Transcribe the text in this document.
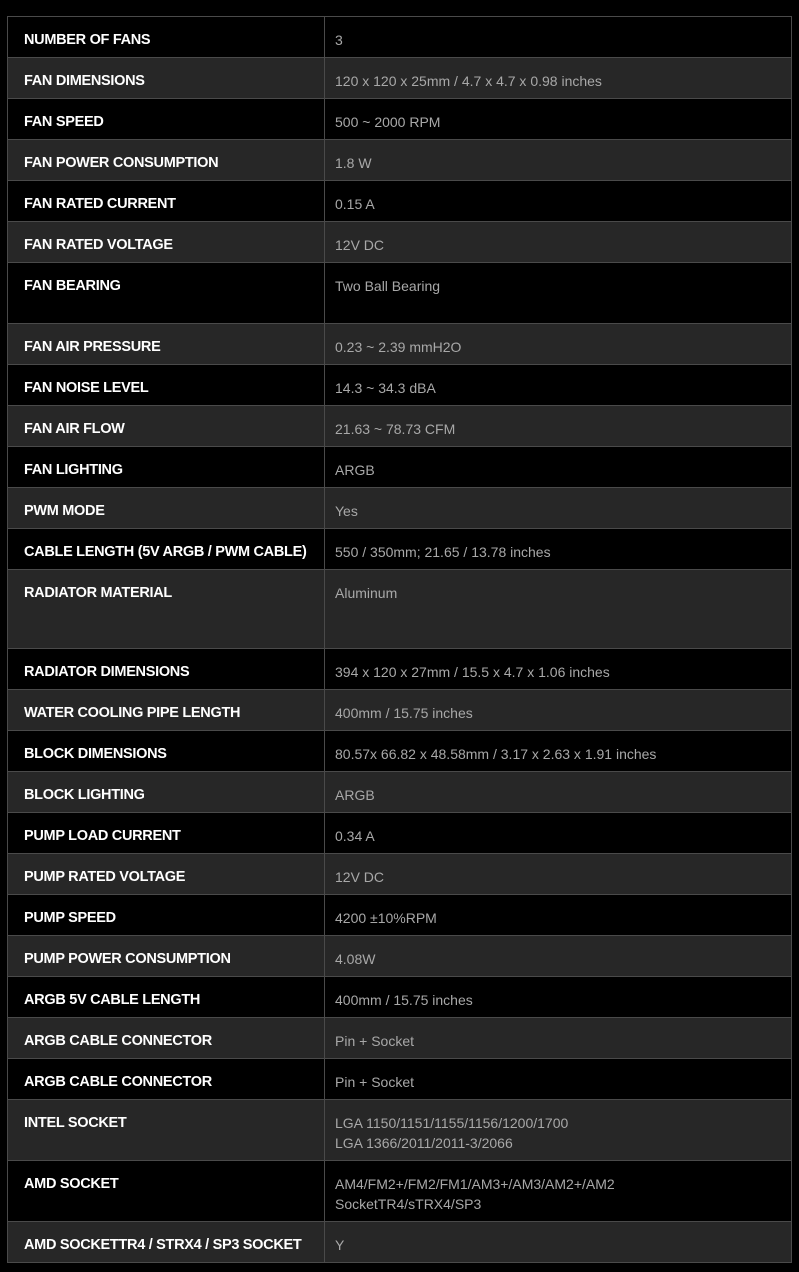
NUMBER OF FANS	3
FAN DIMENSIONS	120 x 120 x 25mm / 4.7 x 4.7 x 0.98 inches
FAN SPEED	500 ~ 2000 RPM
FAN POWER CONSUMPTION	1.8 W
FAN RATED CURRENT	0.15 A
FAN RATED VOLTAGE	12V DC
FAN BEARING	Two Ball Bearing
FAN AIR PRESSURE	0.23 ~ 2.39 mmH2O
FAN NOISE LEVEL	14.3 ~ 34.3 dBA
FAN AIR FLOW	21.63 ~ 78.73 CFM
FAN LIGHTING	ARGB
PWM MODE	Yes
CABLE LENGTH (5V ARGB / PWM CABLE)	550 / 350mm; 21.65 / 13.78 inches
RADIATOR MATERIAL	Aluminum
RADIATOR DIMENSIONS	394 x 120 x 27mm / 15.5 x 4.7 x 1.06 inches
WATER COOLING PIPE LENGTH	400mm / 15.75 inches
BLOCK DIMENSIONS	80.57x 66.82 x 48.58mm / 3.17 x 2.63 x 1.91 inches
BLOCK LIGHTING	ARGB
PUMP LOAD CURRENT	0.34 A
PUMP RATED VOLTAGE	12V DC
PUMP SPEED	4200 ±10%RPM
PUMP POWER CONSUMPTION	4.08W
ARGB 5V CABLE LENGTH	400mm / 15.75 inches
ARGB CABLE CONNECTOR	Pin + Socket
ARGB CABLE CONNECTOR	Pin + Socket
INTEL SOCKET	LGA 1150/1151/1155/1156/1200/1700
LGA 1366/2011/2011-3/2066
AMD SOCKET	AM4/FM2+/FM2/FM1/AM3+/AM3/AM2+/AM2
SocketTR4/sTRX4/SP3
AMD SOCKETTR4 / STRX4 / SP3 SOCKET	Y
